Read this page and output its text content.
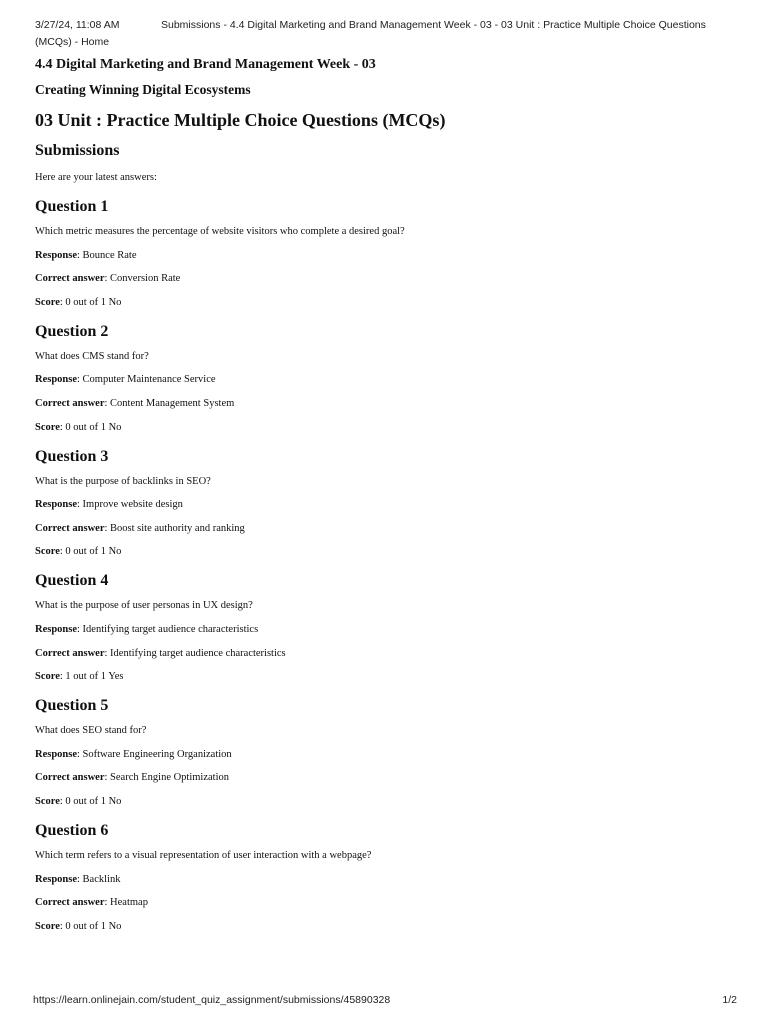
3/27/24, 11:08 AM	Submissions - 4.4 Digital Marketing and Brand Management Week - 03 - 03 Unit : Practice Multiple Choice Questions (MCQs) - Home
4.4 Digital Marketing and Brand Management Week - 03
Creating Winning Digital Ecosystems
03 Unit : Practice Multiple Choice Questions (MCQs)
Submissions

Here are your latest answers:

Question 1

Which metric measures the percentage of website visitors who complete a desired goal?

Response: Bounce Rate

Correct answer: Conversion Rate

Score: 0 out of 1 No

Question 2

What does CMS stand for?

Response: Computer Maintenance Service

Correct answer: Content Management System

Score: 0 out of 1 No

Question 3

What is the purpose of backlinks in SEO?

Response: Improve website design

Correct answer: Boost site authority and ranking

Score: 0 out of 1 No

Question 4

What is the purpose of user personas in UX design?

Response: Identifying target audience characteristics

Correct answer: Identifying target audience characteristics

Score: 1 out of 1 Yes

Question 5

What does SEO stand for?

Response: Software Engineering Organization

Correct answer: Search Engine Optimization

Score: 0 out of 1 No

Question 6

Which term refers to a visual representation of user interaction with a webpage?

Response: Backlink

Correct answer: Heatmap

Score: 0 out of 1 No

https://learn.onlinejain.com/student_quiz_assignment/submissions/45890328	1/2
